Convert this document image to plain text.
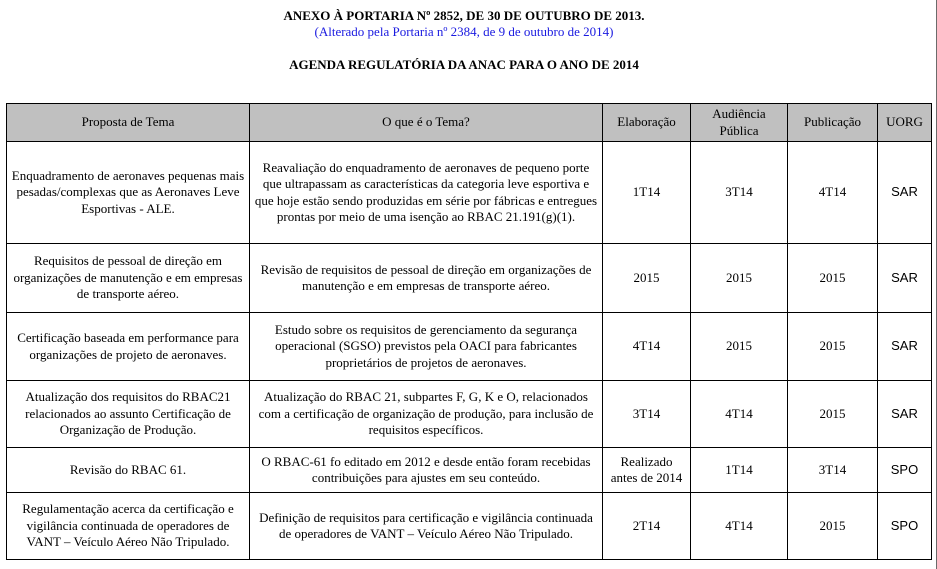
ANEXO À PORTARIA Nº 2852, DE 30 DE OUTUBRO DE 2013.
(Alterado pela Portaria nº 2384, de 9 de outubro de 2014)
AGENDA REGULATÓRIA DA ANAC PARA O ANO DE 2014
Proposta de Tema	O que é o Tema?	Elaboração	Audiência Pública	Publicação	UORG
Enquadramento de aeronaves pequenas mais pesadas/complexas que as Aeronaves Leve Esportivas - ALE.	Reavaliação do enquadramento de aeronaves de pequeno porte que ultrapassam as características da categoria leve esportiva e que hoje estão sendo produzidas em série por fábricas e entregues prontas por meio de uma isenção ao RBAC 21.191(g)(1).	1T14	3T14	4T14	SAR
Requisitos de pessoal de direção em organizações de manutenção e em empresas de transporte aéreo.	Revisão de requisitos de pessoal de direção em organizações de manutenção e em empresas de transporte aéreo.	2015	2015	2015	SAR
Certificação baseada em performance para organizações de projeto de aeronaves.	Estudo sobre os requisitos de gerenciamento da segurança operacional (SGSO) previstos pela OACI para fabricantes proprietários de projetos de aeronaves.	4T14	2015	2015	SAR
Atualização dos requisitos do RBAC21 relacionados ao assunto Certificação de Organização de Produção.	Atualização do RBAC 21, subpartes F, G, K e O, relacionados com a certificação de organização de produção, para inclusão de requisitos específicos.	3T14	4T14	2015	SAR
Revisão do RBAC 61.	O RBAC-61 fo editado em 2012 e desde então foram recebidas contribuições para ajustes em seu conteúdo.	Realizado antes de 2014	1T14	3T14	SPO
Regulamentação acerca da certificação e vigilância continuada de operadores de VANT – Veículo Aéreo Não Tripulado.	Definição de requisitos para certificação e vigilância continuada de operadores de VANT – Veículo Aéreo Não Tripulado.	2T14	4T14	2015	SPO
